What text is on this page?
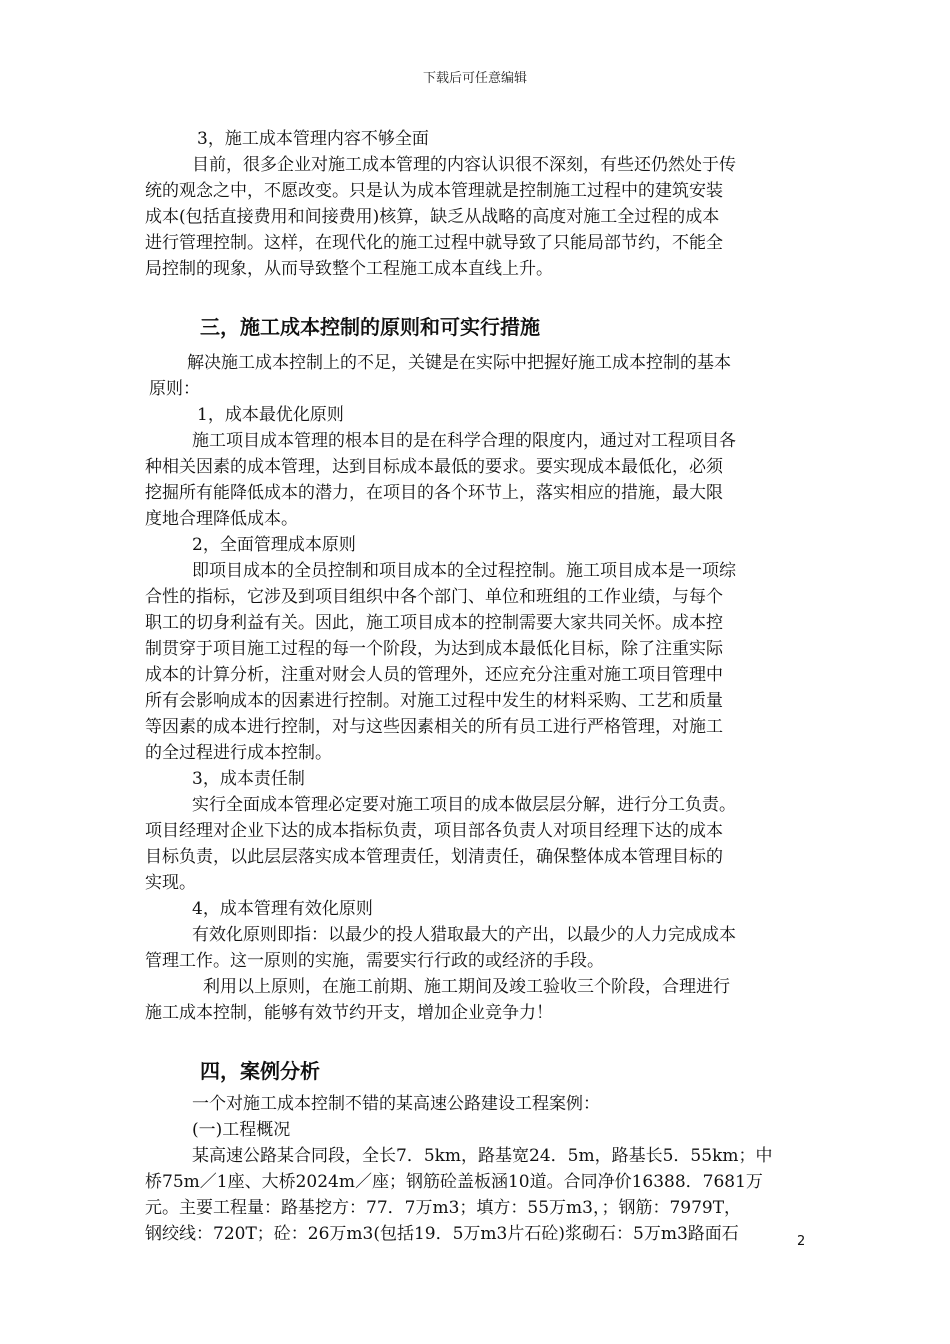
下载后可任意编辑
3，施工成本管理内容不够全面
目前，很多企业对施工成本管理的内容认识很不深刻，有些还仍然处于传
统的观念之中，不愿改变。只是认为成本管理就是控制施工过程中的建筑安装
成本(包括直接费用和间接费用)核算，缺乏从战略的高度对施工全过程的成本
进行管理控制。这样，在现代化的施工过程中就导致了只能局部节约，不能全
局控制的现象，从而导致整个工程施工成本直线上升。
三，施工成本控制的原则和可实行措施
解决施工成本控制上的不足，关键是在实际中把握好施工成本控制的基本
原则：
1，成本最优化原则
施工项目成本管理的根本目的是在科学合理的限度内，通过对工程项目各
种相关因素的成本管理，达到目标成本最低的要求。要实现成本最低化，必须
挖掘所有能降低成本的潜力，在项目的各个环节上，落实相应的措施，最大限
度地合理降低成本。
2，全面管理成本原则
即项目成本的全员控制和项目成本的全过程控制。施工项目成本是一项综
合性的指标，它涉及到项目组织中各个部门、单位和班组的工作业绩，与每个
职工的切身利益有关。因此，施工项目成本的控制需要大家共同关怀。成本控
制贯穿于项目施工过程的每一个阶段，为达到成本最低化目标，除了注重实际
成本的计算分析，注重对财会人员的管理外，还应充分注重对施工项目管理中
所有会影响成本的因素进行控制。对施工过程中发生的材料采购、工艺和质量
等因素的成本进行控制，对与这些因素相关的所有员工进行严格管理，对施工
的全过程进行成本控制。
3，成本责任制
实行全面成本管理必定要对施工项目的成本做层层分解，进行分工负责。
项目经理对企业下达的成本指标负责，项目部各负责人对项目经理下达的成本
目标负责，以此层层落实成本管理责任，划清责任，确保整体成本管理目标的
实现。
4，成本管理有效化原则
有效化原则即指：以最少的投人猎取最大的产出，以最少的人力完成成本
管理工作。这一原则的实施，需要实行行政的或经济的手段。
利用以上原则，在施工前期、施工期间及竣工验收三个阶段，合理进行
施工成本控制，能够有效节约开支，增加企业竞争力！
四，案例分析
一个对施工成本控制不错的某高速公路建设工程案例：
(一)工程概况
某高速公路某合同段，全长7．5km，路基宽24．5m，路基长5．55km；中
桥75m／1座、大桥2024m／座；钢筋砼盖板涵10道。合同净价16388．7681万
元。主要工程量：路基挖方：77．7万m3；填方：55万m3，；钢筋：7979T，
钢绞线：720T；砼：26万m3(包括19．5万m3片石砼)浆砌石：5万m3路面石	2
